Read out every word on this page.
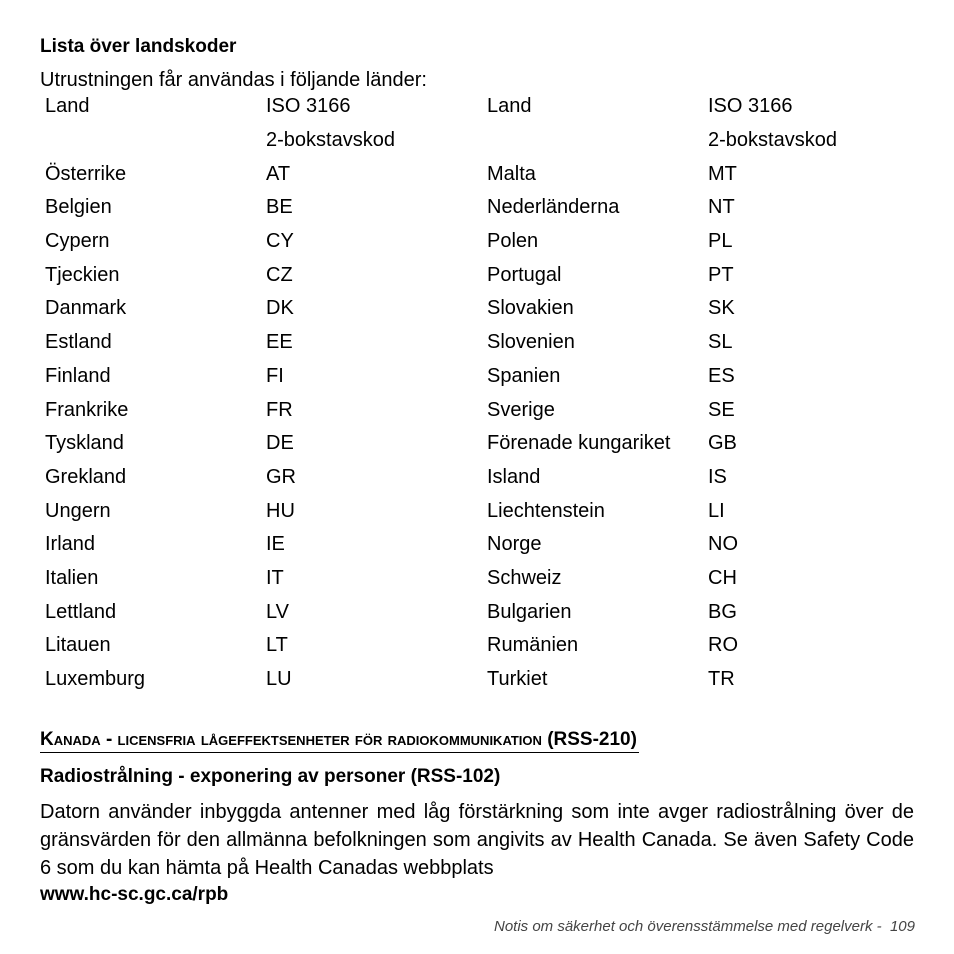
Lista över landskoder

Utrustningen får användas i följande länder:

Land	ISO 3166	Land	ISO 3166
	2-bokstavskod		2-bokstavskod
Österrike	AT	Malta	MT
Belgien	BE	Nederländerna	NT
Cypern	CY	Polen	PL
Tjeckien	CZ	Portugal	PT
Danmark	DK	Slovakien	SK
Estland	EE	Slovenien	SL
Finland	FI	Spanien	ES
Frankrike	FR	Sverige	SE
Tyskland	DE	Förenade kungariket	GB
Grekland	GR	Island	IS
Ungern	HU	Liechtenstein	LI
Irland	IE	Norge	NO
Italien	IT	Schweiz	CH
Lettland	LV	Bulgarien	BG
Litauen	LT	Rumänien	RO
Luxemburg	LU	Turkiet	TR
Kanada - licensfria lågeffektsenheter för radiokommunikation (RSS-210)
Radiostrålning - exponering av personer (RSS-102)

Datorn använder inbyggda antenner med låg förstärkning som inte avger radiostrålning över de gränsvärden för den allmänna befolkningen som angivits av Health Canada. Se även Safety Code 6 som du kan hämta på Health Canadas webbplats

www.hc-sc.gc.ca/rpb

Notis om säkerhet och överensstämmelse med regelverk -  109
